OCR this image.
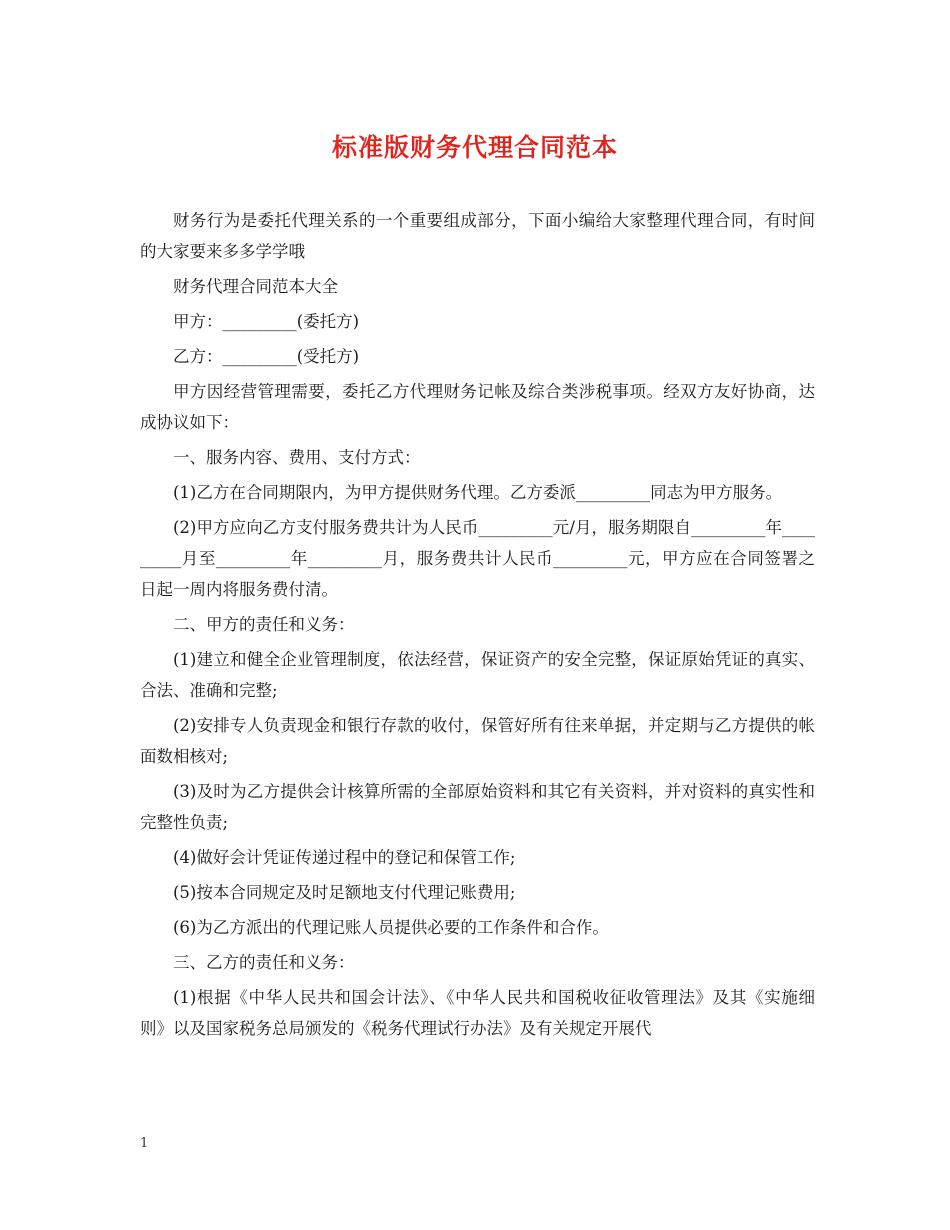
标准版财务代理合同范本

财务行为是委托代理关系的一个重要组成部分，下面小编给大家整理代理合同，有时间的大家要来多多学学哦

财务代理合同范本大全

甲方：_________(委托方)

乙方：_________(受托方)

甲方因经营管理需要，委托乙方代理财务记帐及综合类涉税事项。经双方友好协商，达成协议如下：

一、服务内容、费用、支付方式：

(1)乙方在合同期限内，为甲方提供财务代理。乙方委派_________同志为甲方服务。

(2)甲方应向乙方支付服务费共计为人民币_________元/月，服务期限自_________年_________月至_________年_________月，服务费共计人民币_________元，甲方应在合同签署之日起一周内将服务费付清。

二、甲方的责任和义务：

(1)建立和健全企业管理制度，依法经营，保证资产的安全完整，保证原始凭证的真实、合法、准确和完整;

(2)安排专人负责现金和银行存款的收付，保管好所有往来单据，并定期与乙方提供的帐面数相核对;

(3)及时为乙方提供会计核算所需的全部原始资料和其它有关资料，并对资料的真实性和完整性负责;

(4)做好会计凭证传递过程中的登记和保管工作;

(5)按本合同规定及时足额地支付代理记账费用;

(6)为乙方派出的代理记账人员提供必要的工作条件和合作。

三、乙方的责任和义务：

(1)根据《中华人民共和国会计法》、《中华人民共和国税收征收管理法》及其《实施细则》以及国家税务总局颁发的《税务代理试行办法》及有关规定开展代

1
